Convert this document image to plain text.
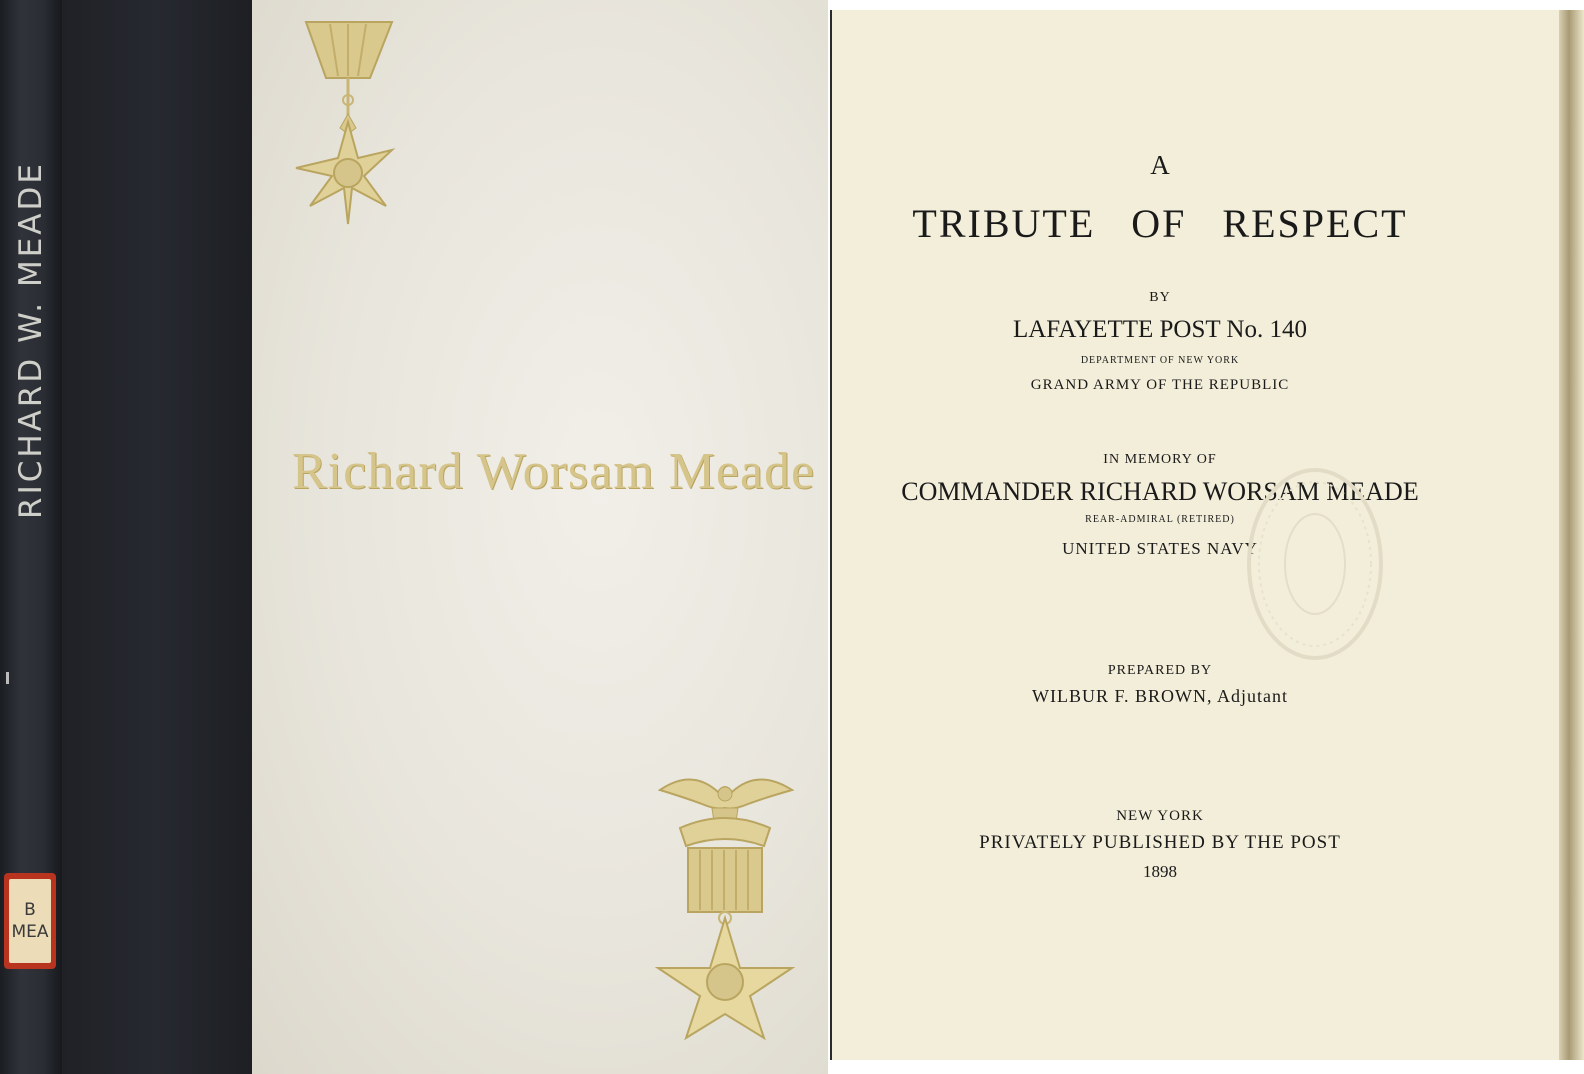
RICHARD W. MEADE
B
MEA
Richard Worsam Meade
A
TRIBUTE   OF   RESPECT
BY
LAFAYETTE POST No. 140
DEPARTMENT OF NEW YORK
GRAND ARMY OF THE REPUBLIC
IN MEMORY OF
COMMANDER RICHARD WORSAM MEADE
REAR-ADMIRAL (RETIRED)
UNITED STATES NAVY
PREPARED BY
WILBUR F. BROWN, Adjutant
NEW YORK
PRIVATELY PUBLISHED BY THE POST
1898
